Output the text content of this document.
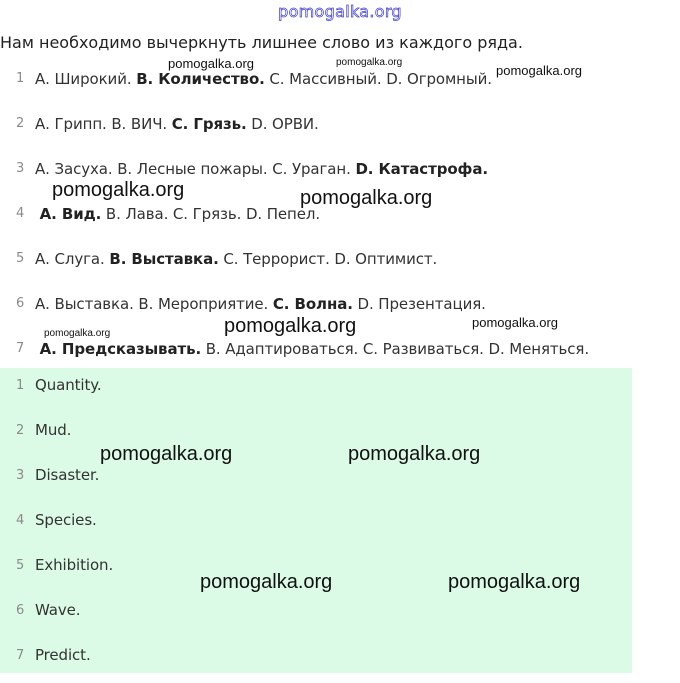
pomogalka.org
Нам необходимо вычеркнуть лишнее слово из каждого ряда.
1 А. Широкий. B. Количество. C. Массивный. D. Огромный.
2 А. Грипп. B. ВИЧ. C. Грязь. D. ОРВИ.
3 А. Засуха. B. Лесные пожары. C. Ураган. D. Катастрофа.
4	А. Вид. B. Лава. C. Грязь. D. Пепел.
5 А. Слуга. B. Выставка. C. Террорист. D. Оптимист.
6 А. Выставка. B. Мероприятие. C. Волна. D. Презентация.
7	А. Предсказывать. B. Адаптироваться. C. Развиваться. D. Меняться.
1 Quantity.
2 Mud.
3 Disaster.
4 Species.
5 Exhibition.
6 Wave.
7 Predict.
pomogalka.org	pomogalka.org
pomogalka.org
pomogalka.org	pomogalka.org
pomogalka.org	pomogalka.org
pomogalka.org
pomogalka.org	pomogalka.org
pomogalka.org	pomogalka.org
